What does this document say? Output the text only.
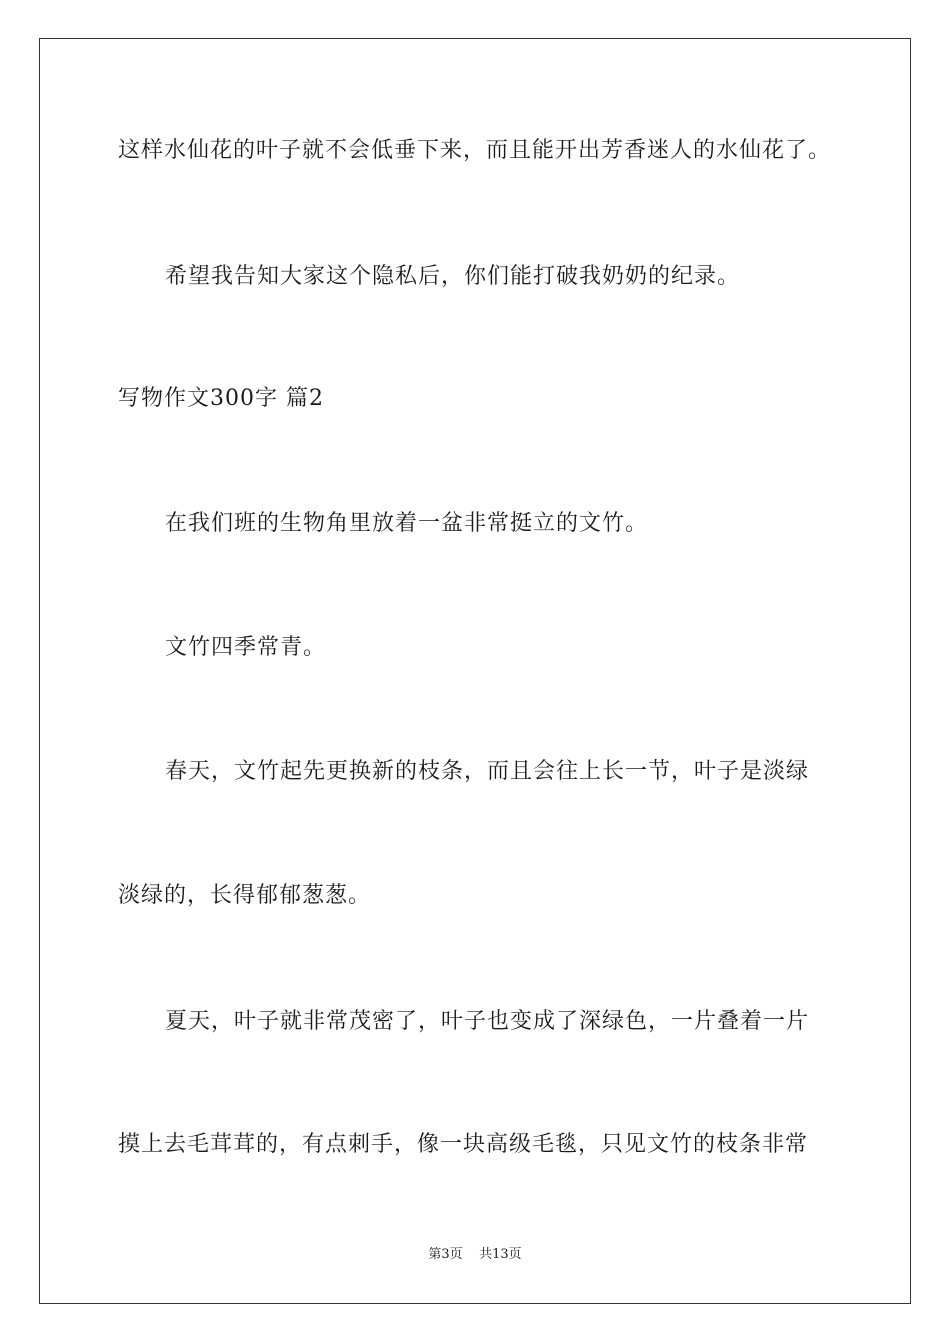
这样水仙花的叶子就不会低垂下来，而且能开出芳香迷人的水仙花了。
希望我告知大家这个隐私后，你们能打破我奶奶的纪录。
写物作文300字 篇2
在我们班的生物角里放着一盆非常挺立的文竹。
文竹四季常青。
春天，文竹起先更换新的枝条，而且会往上长一节，叶子是淡绿
淡绿的，长得郁郁葱葱。
夏天，叶子就非常茂密了，叶子也变成了深绿色，一片叠着一片
摸上去毛茸茸的，有点刺手，像一块高级毛毯，只见文竹的枝条非常
第3页 共13页
